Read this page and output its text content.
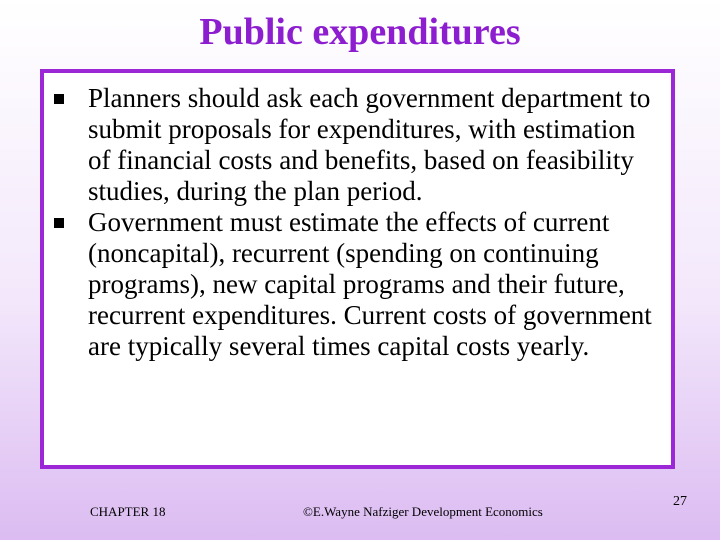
Public expenditures
Planners should ask each government department to submit proposals for expenditures, with estimation of financial costs and benefits, based on feasibility studies, during the plan period.
Government must estimate the effects of current (noncapital), recurrent (spending on continuing programs), new capital programs and their future, recurrent expenditures. Current costs of government are typically several times capital costs yearly.
CHAPTER 18	©E.Wayne Nafziger Development Economics
27
